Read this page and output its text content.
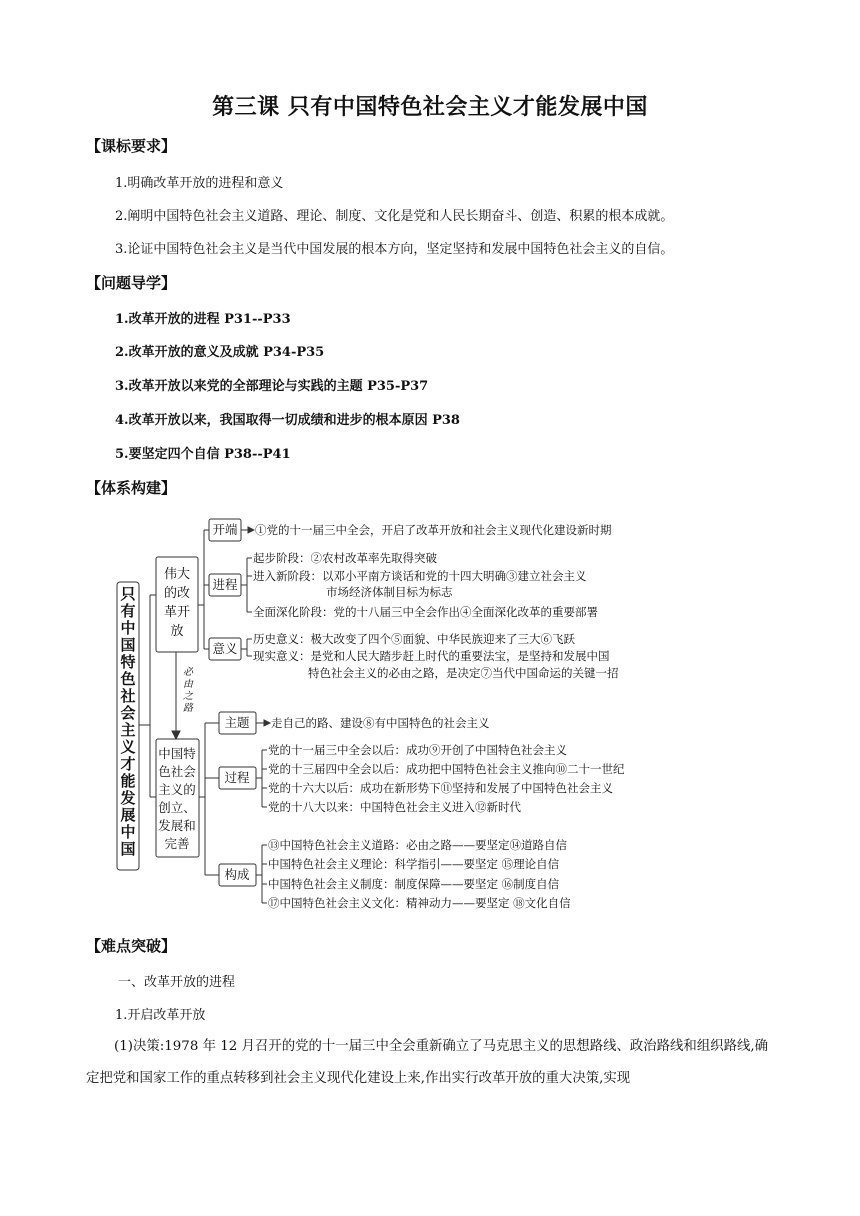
第三课 只有中国特色社会主义才能发展中国
【课标要求】
1.明确改革开放的进程和意义
2.阐明中国特色社会主义道路、理论、制度、文化是党和人民长期奋斗、创造、积累的根本成就。
3.论证中国特色社会主义是当代中国发展的根本方向，坚定坚持和发展中国特色社会主义的自信。
【问题导学】
1.改革开放的进程 P31--P33
2.改革开放的意义及成就 P34-P35
3.改革开放以来党的全部理论与实践的主题 P35-P37
4.改革开放以来，我国取得一切成绩和进步的根本原因 P38
5.要坚定四个自信 P38--P41
【体系构建】
只
有
中
国
特
色
社
会
主
义
才
能
发
展
中
国
伟大
的改
革开
放
必
由
之
路
中国特
色社会
主义的
创立、
发展和
完善
开端
进程
意义
主题
过程
构成
①党的十一届三中全会，开启了改革开放和社会主义现代化建设新时期
起步阶段：②农村改革率先取得突破
进入新阶段：以邓小平南方谈话和党的十四大明确③建立社会主义
市场经济体制目标为标志
全面深化阶段：党的十八届三中全会作出④全面深化改革的重要部署
历史意义：极大改变了四个⑤面貌、中华民族迎来了三大⑥飞跃
现实意义：是党和人民大踏步赶上时代的重要法宝，是坚持和发展中国
特色社会主义的必由之路，是决定⑦当代中国命运的关键一招
走自己的路、建设⑧有中国特色的社会主义
党的十一届三中全会以后：成功⑨开创了中国特色社会主义
党的十三届四中全会以后：成功把中国特色社会主义推向⑩二十一世纪
党的十六大以后：成功在新形势下⑪坚持和发展了中国特色社会主义
党的十八大以来：中国特色社会主义进入⑫新时代
⑬中国特色社会主义道路：必由之路——要坚定⑭道路自信
中国特色社会主义理论：科学指引——要坚定 ⑮理论自信
中国特色社会主义制度：制度保障——要坚定 ⑯制度自信
⑰中国特色社会主义文化：精神动力——要坚定 ⑱文化自信
【难点突破】
一、改革开放的进程
1.开启改革开放
(1)决策:1978 年 12 月召开的党的十一届三中全会重新确立了马克思主义的思想路线、政治路线和组织路线,确定把党和国家工作的重点转移到社会主义现代化建设上来,作出实行改革开放的重大决策,实现
